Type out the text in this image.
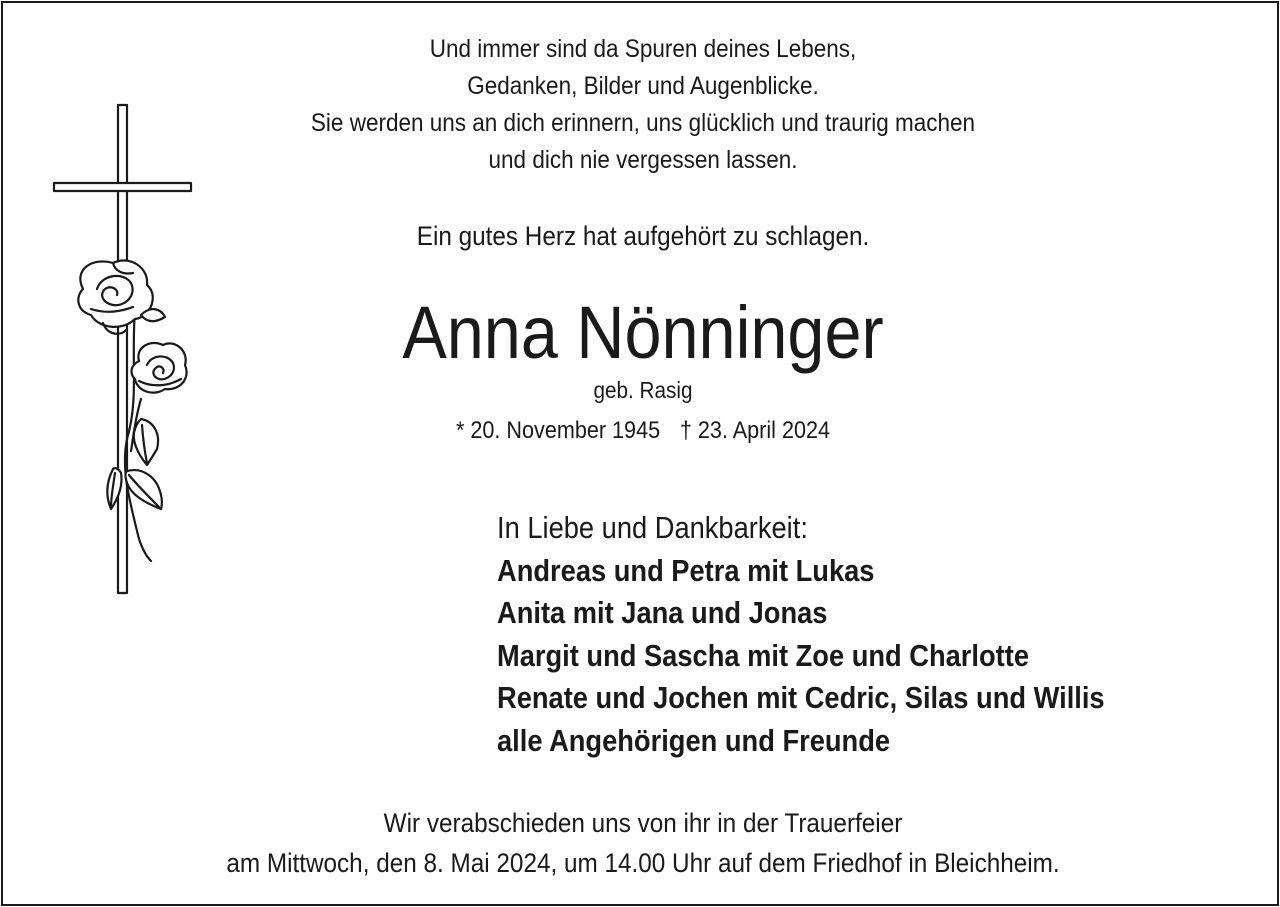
Und immer sind da Spuren deines Lebens,
Gedanken, Bilder und Augenblicke.
Sie werden uns an dich erinnern, uns glücklich und traurig machen
und dich nie vergessen lassen.
Ein gutes Herz hat aufgehört zu schlagen.
Anna Nönninger
geb. Rasig
* 20. November 1945 † 23. April 2024
In Liebe und Dankbarkeit:
Andreas und Petra mit Lukas
Anita mit Jana und Jonas
Margit und Sascha mit Zoe und Charlotte
Renate und Jochen mit Cedric, Silas und Willis
alle Angehörigen und Freunde
Wir verabschieden uns von ihr in der Trauerfeier
am Mittwoch, den 8. Mai 2024, um 14.00 Uhr auf dem Friedhof in Bleichheim.
